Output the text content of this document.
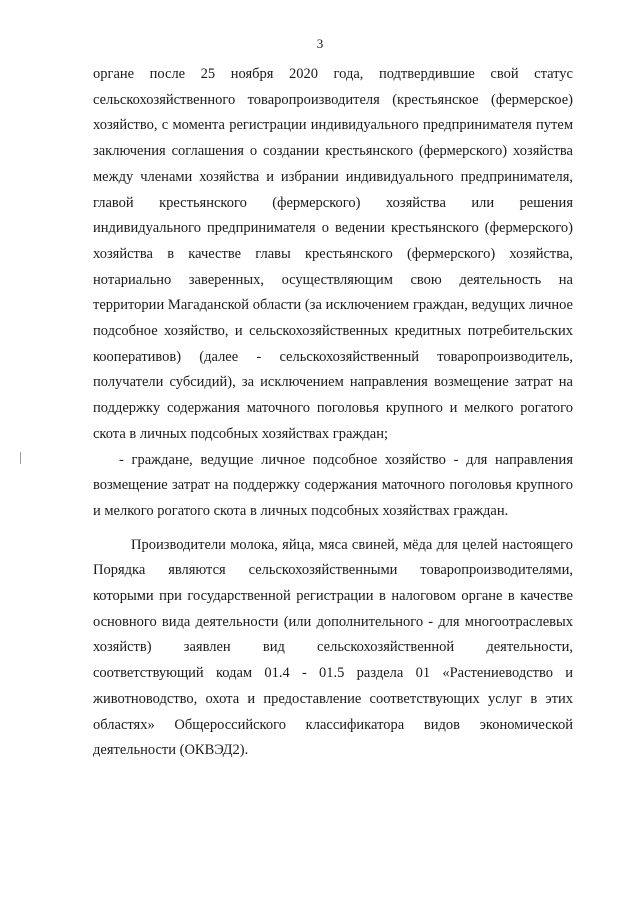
3

органе после 25 ноября 2020 года, подтвердившие свой статус сельскохозяйственного товаропроизводителя (крестьянское (фермерское) хозяйство, с момента регистрации индивидуального предпринимателя путем заключения соглашения о создании крестьянского (фермерского) хозяйства между членами хозяйства и избрании индивидуального предпринимателя, главой крестьянского (фермерского) хозяйства или решения индивидуального предпринимателя о ведении крестьянского (фермерского) хозяйства в качестве главы крестьянского (фермерского) хозяйства, нотариально заверенных, осуществляющим свою деятельность на территории Магаданской области (за исключением граждан, ведущих личное подсобное хозяйство, и сельскохозяйственных кредитных потребительских кооперативов) (далее - сельскохозяйственный товаропроизводитель, получатели субсидий), за исключением направления возмещение затрат на поддержку содержания маточного поголовья крупного и мелкого рогатого скота в личных подсобных хозяйствах граждан;

- граждане, ведущие личное подсобное хозяйство - для направления возмещение затрат на поддержку содержания маточного поголовья крупного и мелкого рогатого скота в личных подсобных хозяйствах граждан.

Производители молока, яйца, мяса свиней, мёда для целей настоящего Порядка являются сельскохозяйственными товаропроизводителями, которыми при государственной регистрации в налоговом органе в качестве основного вида деятельности (или дополнительного - для многоотраслевых хозяйств) заявлен вид сельскохозяйственной деятельности, соответствующий кодам 01.4 - 01.5 раздела 01 «Растениеводство и животноводство, охота и предоставление соответствующих услуг в этих областях» Общероссийского классификатора видов экономической деятельности (ОКВЭД2).
